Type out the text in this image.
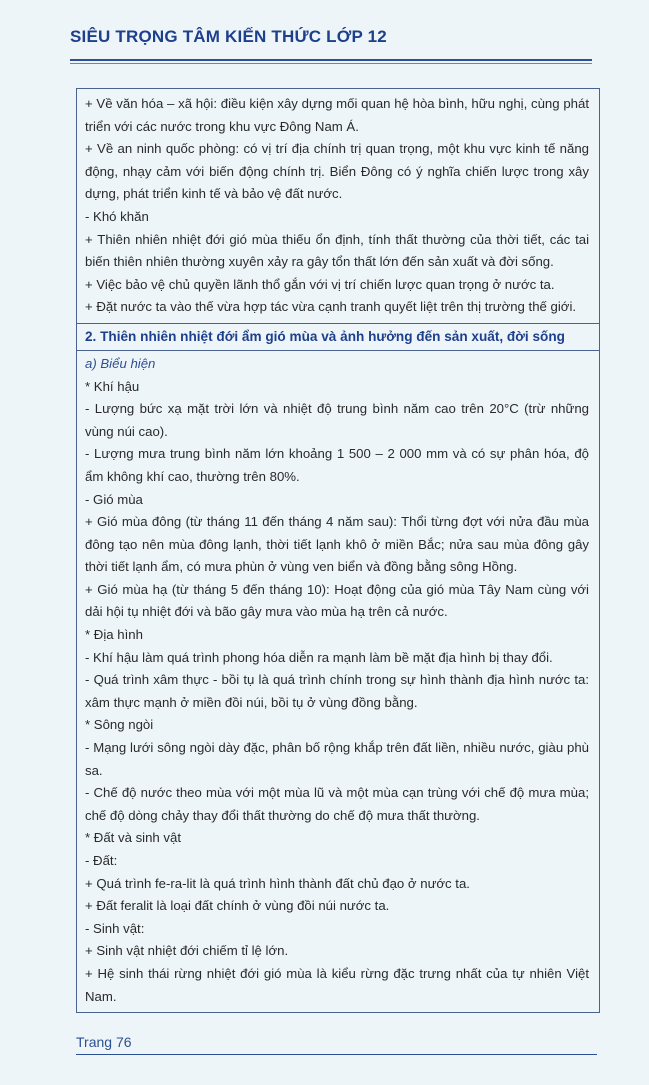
SIÊU TRỌNG TÂM KIẾN THỨC LỚP 12

+ Về văn hóa – xã hội: điều kiện xây dựng mối quan hệ hòa bình, hữu nghị, cùng phát triển với các nước trong khu vực Đông Nam Á.

+ Về an ninh quốc phòng: có vị trí địa chính trị quan trọng, một khu vực kinh tế năng động, nhạy cảm với biến động chính trị. Biển Đông có ý nghĩa chiến lược trong xây dựng, phát triển kinh tế và bảo vệ đất nước.

- Khó khăn

+ Thiên nhiên nhiệt đới gió mùa thiếu ổn định, tính thất thường của thời tiết, các tai biến thiên nhiên thường xuyên xảy ra gây tổn thất lớn đến sản xuất và đời sống.

+ Việc bảo vệ chủ quyền lãnh thổ gắn với vị trí chiến lược quan trọng ở nước ta.

+ Đặt nước ta vào thế vừa hợp tác vừa cạnh tranh quyết liệt trên thị trường thế giới.

2. Thiên nhiên nhiệt đới ẩm gió mùa và ảnh hưởng đến sản xuất, đời sống

a) Biểu hiện

* Khí hậu

- Lượng bức xạ mặt trời lớn và nhiệt độ trung bình năm cao trên 20°C (trừ những vùng núi cao).

- Lượng mưa trung bình năm lớn khoảng 1 500 – 2 000 mm và có sự phân hóa, độ ẩm không khí cao, thường trên 80%.

- Gió mùa

+ Gió mùa đông (từ tháng 11 đến tháng 4 năm sau): Thổi từng đợt với nửa đầu mùa đông tạo nên mùa đông lạnh, thời tiết lạnh khô ở miền Bắc; nửa sau mùa đông gây thời tiết lạnh ẩm, có mưa phùn ở vùng ven biển và đồng bằng sông Hồng.

+ Gió mùa hạ (từ tháng 5 đến tháng 10): Hoạt động của gió mùa Tây Nam cùng với dải hội tụ nhiệt đới và bão gây mưa vào mùa hạ trên cả nước.

* Địa hình

- Khí hậu làm quá trình phong hóa diễn ra mạnh làm bề mặt địa hình bị thay đổi.

- Quá trình xâm thực - bồi tụ là quá trình chính trong sự hình thành địa hình nước ta: xâm thực mạnh ở miền đồi núi, bồi tụ ở vùng đồng bằng.

* Sông ngòi

- Mạng lưới sông ngòi dày đặc, phân bố rộng khắp trên đất liền, nhiều nước, giàu phù sa.

- Chế độ nước theo mùa với một mùa lũ và một mùa cạn trùng với chế độ mưa mùa; chế độ dòng chảy thay đổi thất thường do chế độ mưa thất thường.

* Đất và sinh vật

- Đất:

+ Quá trình fe-ra-lit là quá trình hình thành đất chủ đạo ở nước ta.

+ Đất feralit là loại đất chính ở vùng đồi núi nước ta.

- Sinh vật:

+ Sinh vật nhiệt đới chiếm tỉ lệ lớn.

+ Hệ sinh thái rừng nhiệt đới gió mùa là kiểu rừng đặc trưng nhất của tự nhiên Việt Nam.

Trang 76
